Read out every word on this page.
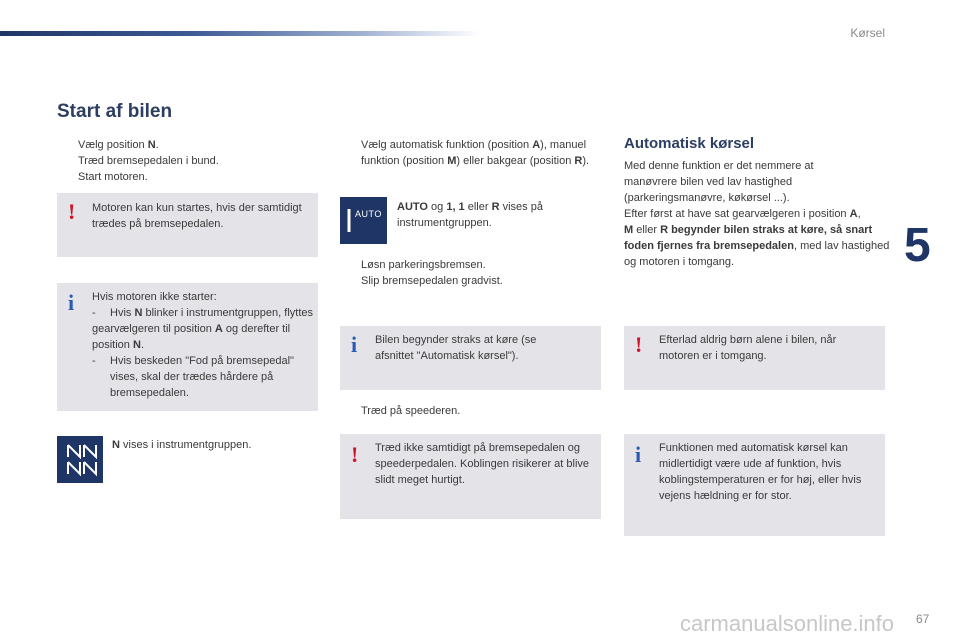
Kørsel
5
Start af bilen
Vælg position N.
Træd bremsepedalen i bund.
Start motoren.
! Motoren kan kun startes, hvis der samtidigt trædes på bremsepedalen.
i Hvis motoren ikke starter:
- Hvis N blinker i instrumentgruppen, flyttes gearvælgeren til position A og derefter til position N.
-	Hvis beskeden "Fod på bremsepedal" vises, skal der trædes hårdere på bremsepedalen.
N vises i instrumentgruppen.
Vælg automatisk funktion (position A), manuel funktion (position M) eller bakgear (position R).
AUTO
AUTO og 1, 1 eller R vises på instrumentgruppen.
Løsn parkeringsbremsen.
Slip bremsepedalen gradvist.
i Bilen begynder straks at køre (se afsnittet "Automatisk kørsel").
Træd på speederen.
! Træd ikke samtidigt på bremsepedalen og speederpedalen. Koblingen risikerer at blive slidt meget hurtigt.
Automatisk kørsel
Med denne funktion er det nemmere at manøvrere bilen ved lav hastighed (parkeringsmanøvre, køkørsel ...).
Efter først at have sat gearvælgeren i position A,
M eller R begynder bilen straks at køre, så snart foden fjernes fra bremsepedalen, med lav hastighed og motoren i tomgang.
! Efterlad aldrig børn alene i bilen, når motoren er i tomgang.
i Funktionen med automatisk kørsel kan midlertidigt være ude af funktion, hvis koblingstemperaturen er for høj, eller hvis vejens hældning er for stor.
carmanualsonline.info 67
